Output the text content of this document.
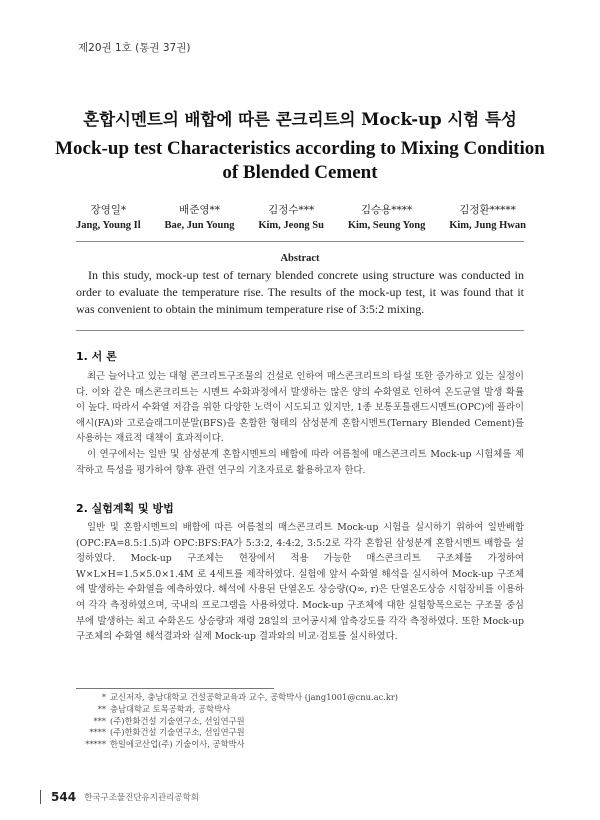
제20권 1호 (통권 37권)
혼합시멘트의 배합에 따른 콘크리트의 Mock-up 시험 특성
Mock-up test Characteristics according to Mixing Condition
of Blended Cement
장영일*
Jang, Young Il
배준영**
Bae, Jun Young
김정수***
Kim, Jeong Su
김승용****
Kim, Seung Yong
김정환*****
Kim, Jung Hwan
Abstract
In this study, mock-up test of ternary blended concrete using structure was conducted in order to evaluate the temperature rise. The results of the mock-up test, it was found that it was convenient to obtain the minimum temperature rise of 3:5:2 mixing.
1. 서 론

최근 늘어나고 있는 대형 콘크리트구조물의 건설로 인하여 매스콘크리트의 타설 또한 증가하고 있는 실정이다. 이와 같은 매스콘크리트는 시멘트 수화과정에서 발생하는 많은 양의 수화열로 인하여 온도균열 발생 확률이 높다. 따라서 수화열 저감을 위한 다양한 노력이 시도되고 있지만, 1종 보통포틀랜드시멘트(OPC)에 플라이애시(FA)와 고로슬래그미분말(BFS)을 혼합한 형태의 삼성분계 혼합시멘트(Ternary Blended Cement)를 사용하는 재료적 대책이 효과적이다.

이 연구에서는 일반 및 삼성분계 혼합시멘트의 배합에 따라 여름철에 매스콘크리트 Mock-up 시험체를 제작하고 특성을 평가하여 향후 관련 연구의 기초자료로 활용하고자 한다.

2. 실험계획 및 방법

일반 및 혼합시멘트의 배합에 따른 여름철의 매스콘크리트 Mock-up 시험을 실시하기 위하여 일반배합(OPC:FA=8.5:1.5)과 OPC:BFS:FA가 5:3:2, 4:4:2, 3:5:2로 각각 혼합된 삼성분계 혼합시멘트 배합을 설정하였다. Mock-up 구조체는 현장에서 적용 가능한 매스콘크리트 구조체를 가정하여 W×L×H=1.5×5.0×1.4M 로 4세트를 제작하였다. 실험에 앞서 수화열 해석을 실시하여 Mock-up 구조체에 발생하는 수화열을 예측하였다. 해석에 사용된 단열온도 상승량(Q∞, r)은 단열온도상승 시험장비를 이용하여 각각 측정하였으며, 국내의 프로그램을 사용하였다. Mock-up 구조체에 대한 실험항목으로는 구조물 중심부에 발생하는 최고 수화온도 상승량과 재령 28일의 코어공시체 압축강도를 각각 측정하였다. 또한 Mock-up 구조체의 수화열 해석결과와 실제 Mock-up 결과와의 비교·검토를 실시하였다.

* 교신저자, 충남대학교 건설공학교육과 교수, 공학박사 (jang1001@cnu.ac.kr)
** 충남대학교 토목공학과, 공학박사
*** (주)한화건설 기술연구소, 선임연구원
**** (주)한화건설 기술연구소, 선임연구원
***** 한일에코산업(주) 기술이사, 공학박사
544 한국구조물진단유지관리공학회
